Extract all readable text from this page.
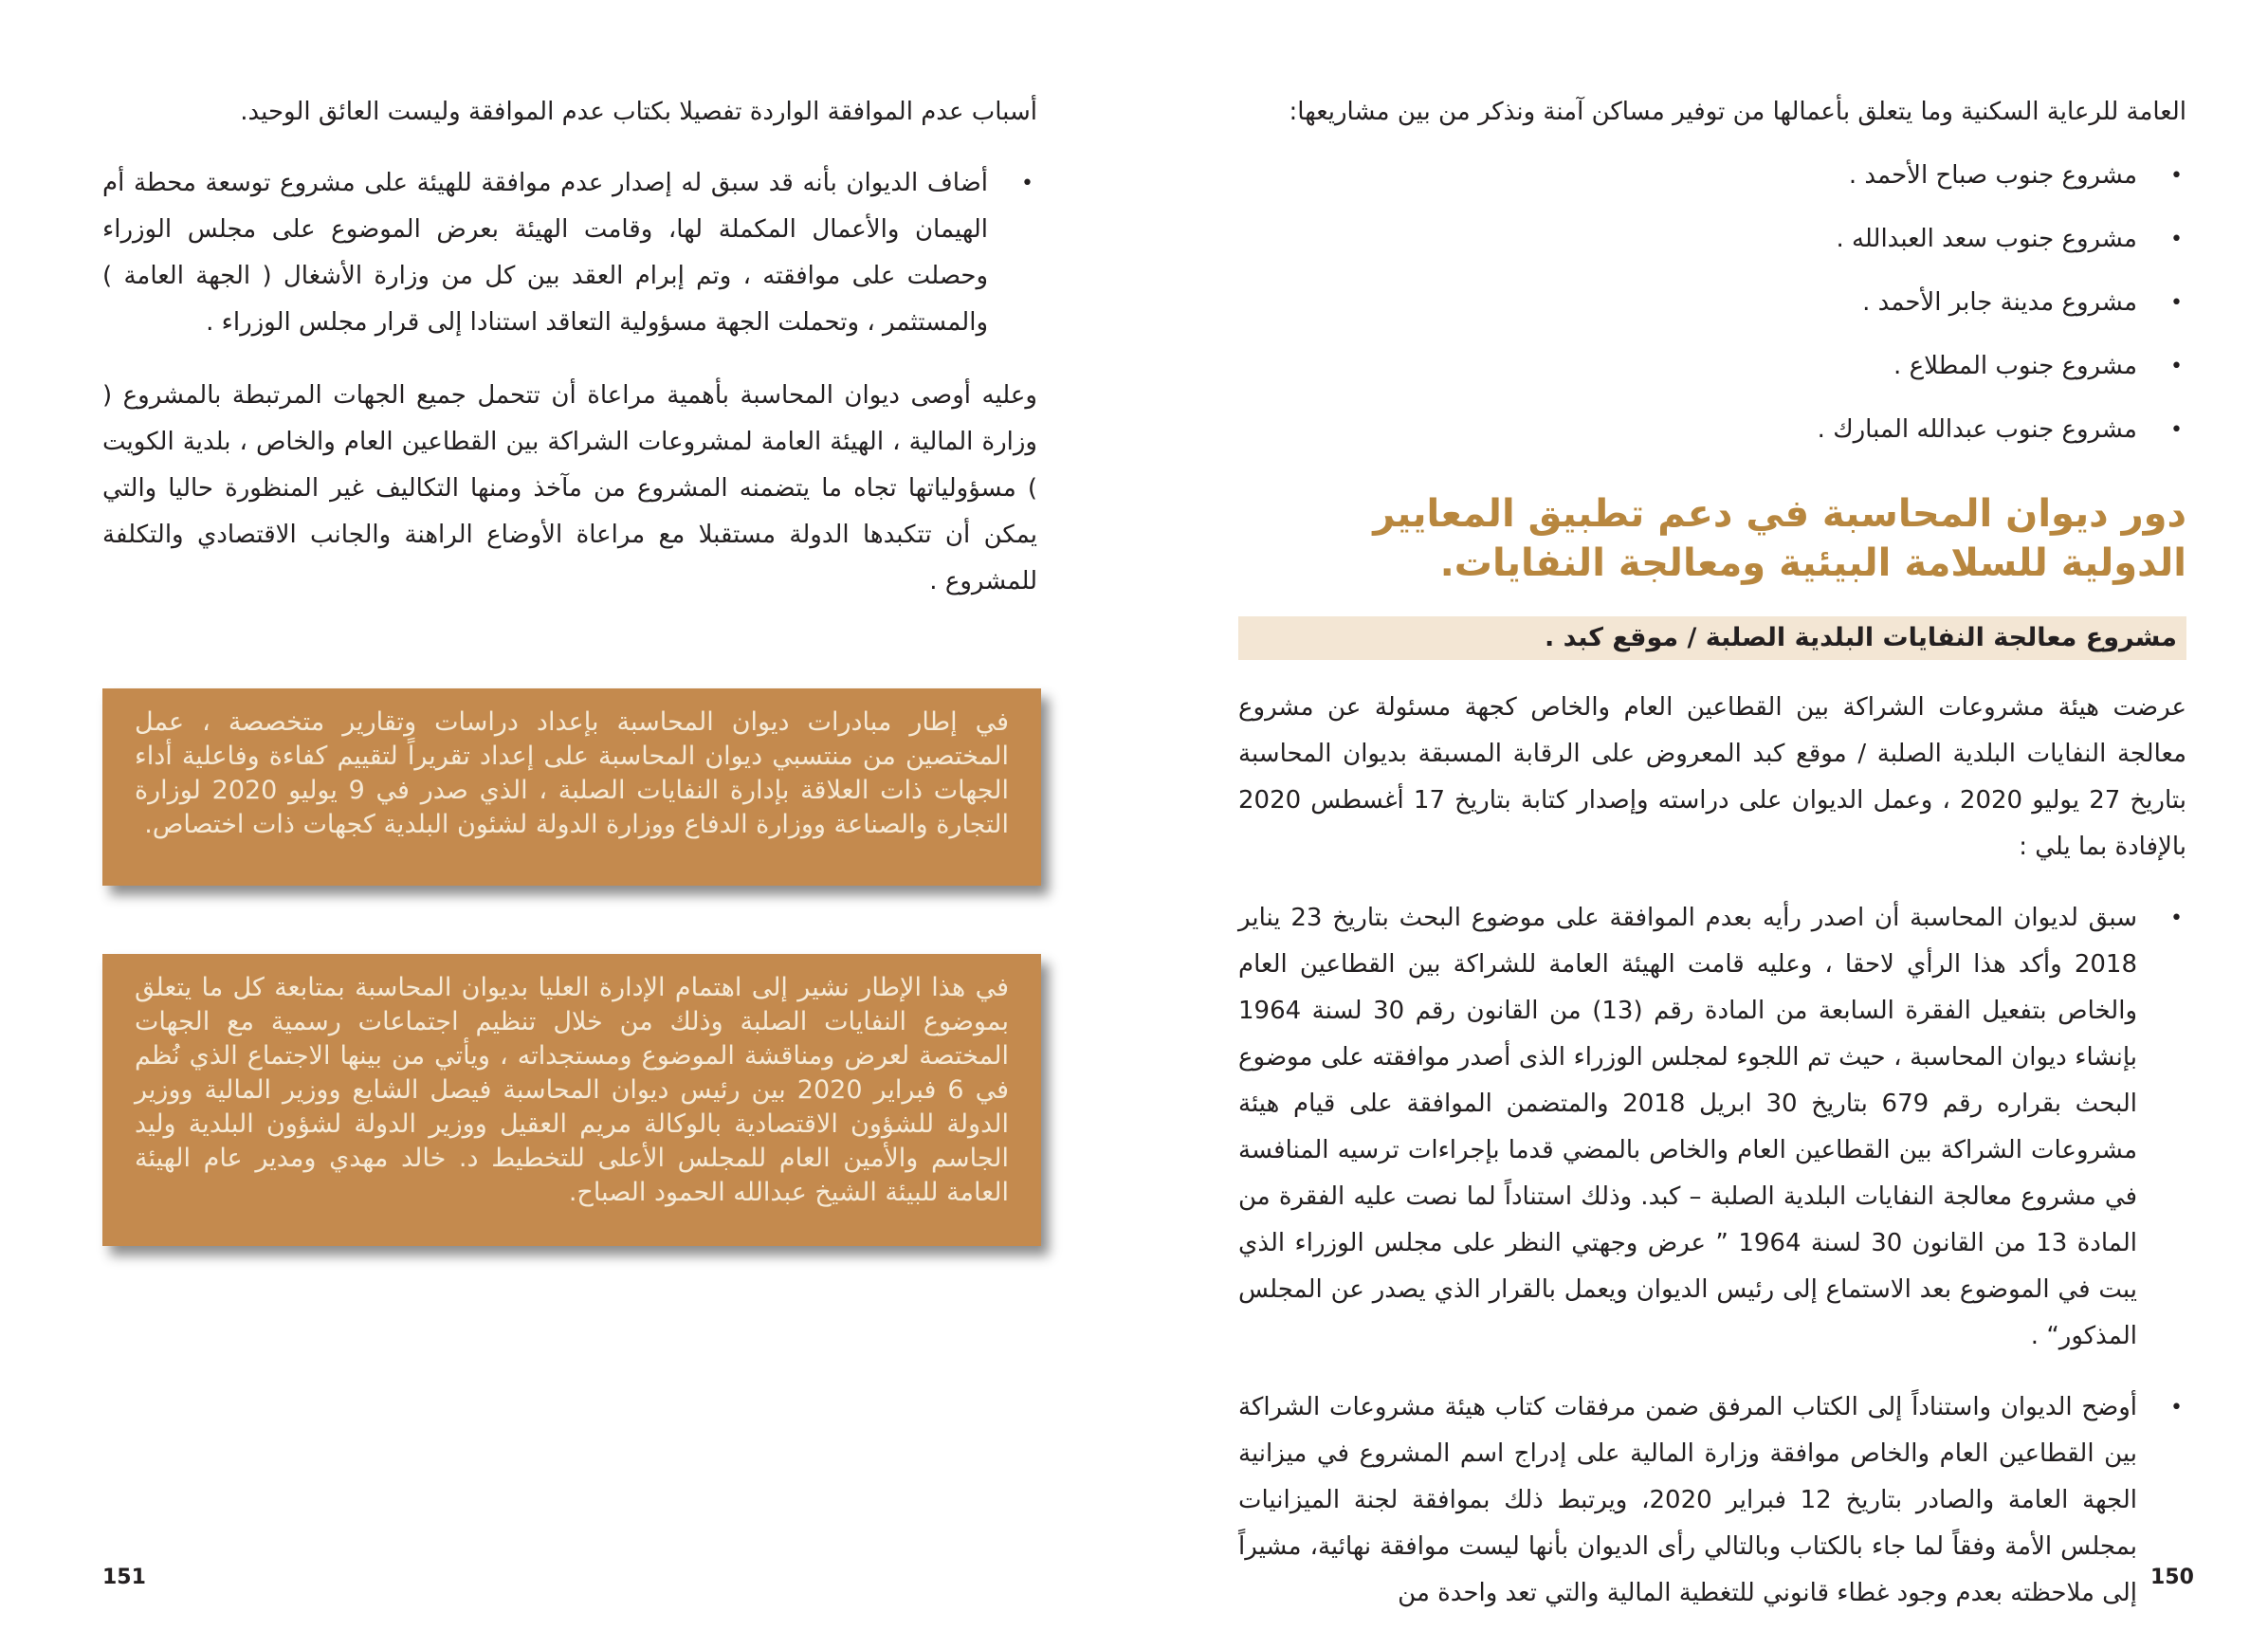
أسباب عدم الموافقة الواردة تفصيلا بكتاب عدم الموافقة وليست العائق الوحيد.

•
أضاف الديوان بأنه قد سبق له إصدار عدم موافقة للهيئة على مشروع توسعة محطة أم الهيمان والأعمال المكملة لها، وقامت الهيئة بعرض الموضوع على مجلس الوزراء وحصلت على موافقته ، وتم إبرام العقد بين كل من وزارة الأشغال ( الجهة العامة ) والمستثمر ، وتحملت الجهة مسؤولية التعاقد استنادا إلى قرار مجلس الوزراء .

وعليه أوصى ديوان المحاسبة بأهمية مراعاة أن تتحمل جميع الجهات المرتبطة بالمشروع ( وزارة المالية ، الهيئة العامة لمشروعات الشراكة بين القطاعين العام والخاص ، بلدية الكويت ) مسؤولياتها تجاه ما يتضمنه المشروع من مآخذ ومنها التكاليف غير المنظورة حاليا والتي يمكن أن تتكبدها الدولة مستقبلا مع مراعاة الأوضاع الراهنة والجانب الاقتصادي والتكلفة للمشروع .

في إطار مبادرات ديوان المحاسبة بإعداد دراسات وتقارير متخصصة ، عمل المختصين من منتسبي ديوان المحاسبة على إعداد تقريراً لتقييم كفاءة وفاعلية أداء الجهات ذات العلاقة بإدارة النفايات الصلبة ، الذي صدر في 9 يوليو 2020 لوزارة التجارة والصناعة ووزارة الدفاع ووزارة الدولة لشئون البلدية كجهات ذات اختصاص.
في هذا الإطار نشير إلى اهتمام الإدارة العليا بديوان المحاسبة بمتابعة كل ما يتعلق بموضوع النفايات الصلبة وذلك من خلال تنظيم اجتماعات رسمية مع الجهات المختصة لعرض ومناقشة الموضوع ومستجداته ، ويأتي من بينها الاجتماع الذي نُظم في 6 فبراير 2020 بين رئيس ديوان المحاسبة فيصل الشايع ووزير المالية ووزير الدولة للشؤون الاقتصادية بالوكالة مريم العقيل ووزير الدولة لشؤون البلدية وليد الجاسم والأمين العام للمجلس الأعلى للتخطيط د. خالد مهدي ومدير عام الهيئة العامة للبيئة الشيخ عبدالله الحمود الصباح.
151

العامة للرعاية السكنية وما يتعلق بأعمالها من توفير مساكن آمنة ونذكر من بين مشاريعها:

•
مشروع جنوب صباح الأحمد .
•
مشروع جنوب سعد العبدالله .
•
مشروع مدينة جابر الأحمد .
•
مشروع جنوب المطلاع .
•
مشروع جنوب عبدالله المبارك .
دور ديوان المحاسبة في دعم تطبيق المعايير الدولية للسلامة البيئية ومعالجة النفايات.
مشروع معالجة النفايات البلدية الصلبة / موقع كبد .

عرضت هيئة مشروعات الشراكة بين القطاعين العام والخاص كجهة مسئولة عن مشروع معالجة النفايات البلدية الصلبة / موقع كبد المعروض على الرقابة المسبقة بديوان المحاسبة بتاريخ 27 يوليو 2020 ، وعمل الديوان على دراسته وإصدار كتابة بتاريخ 17 أغسطس 2020 بالإفادة بما يلي :

•
سبق لديوان المحاسبة أن اصدر رأيه بعدم الموافقة على موضوع البحث بتاريخ 23 يناير 2018 وأكد هذا الرأي لاحقا ، وعليه قامت الهيئة العامة للشراكة بين القطاعين العام والخاص بتفعيل الفقرة السابعة من المادة رقم (13) من القانون رقم 30 لسنة 1964 بإنشاء ديوان المحاسبة ، حيث تم اللجوء لمجلس الوزراء الذى أصدر موافقته على موضوع البحث بقراره رقم 679 بتاريخ 30 ابريل 2018 والمتضمن الموافقة على قيام هيئة مشروعات الشراكة بين القطاعين العام والخاص بالمضي قدما بإجراءات ترسيه المنافسة في مشروع معالجة النفايات البلدية الصلبة – كبد. وذلك استناداً لما نصت عليه الفقرة من المادة 13 من القانون 30 لسنة 1964 ” عرض وجهتي النظر على مجلس الوزراء الذي يبت في الموضوع بعد الاستماع إلى رئيس الديوان ويعمل بالقرار الذي يصدر عن المجلس المذكور“ .
•
أوضح الديوان واستناداً إلى الكتاب المرفق ضمن مرفقات كتاب هيئة مشروعات الشراكة بين القطاعين العام والخاص موافقة وزارة المالية على إدراج اسم المشروع في ميزانية الجهة العامة والصادر بتاريخ 12 فبراير 2020، ويرتبط ذلك بموافقة لجنة الميزانيات بمجلس الأمة وفقاً لما جاء بالكتاب وبالتالي رأى الديوان بأنها ليست موافقة نهائية، مشيراً إلى ملاحظته بعدم وجود غطاء قانوني للتغطية المالية والتي تعد واحدة من
150
